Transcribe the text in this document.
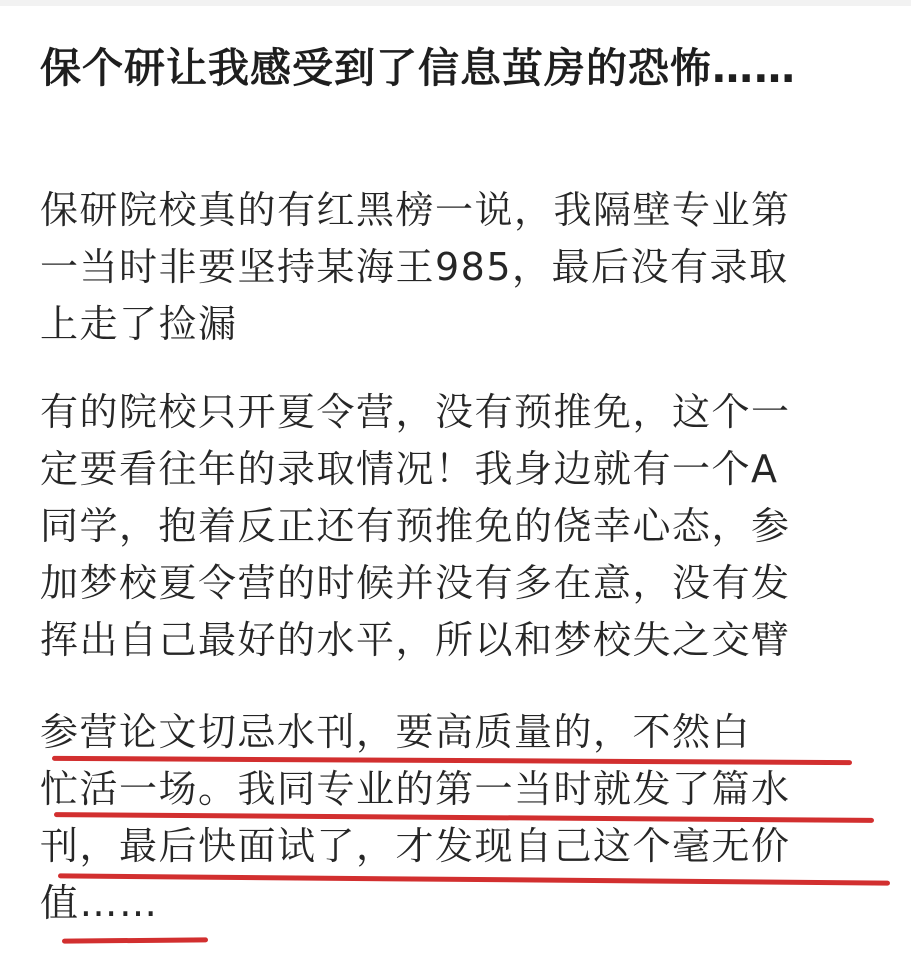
保个研让我感受到了信息茧房的恐怖……
保研院校真的有红黑榜一说，我隔壁专业第
一当时非要坚持某海王985，最后没有录取
上走了捡漏
有的院校只开夏令营，没有预推免，这个一
定要看往年的录取情况！我身边就有一个A
同学，抱着反正还有预推免的侥幸心态，参
加梦校夏令营的时候并没有多在意，没有发
挥出自己最好的水平，所以和梦校失之交臂
参营论文切忌水刊，要高质量的，不然白
忙活一场。我同专业的第一当时就发了篇水
刊，最后快面试了，才发现自己这个毫无价
值……
